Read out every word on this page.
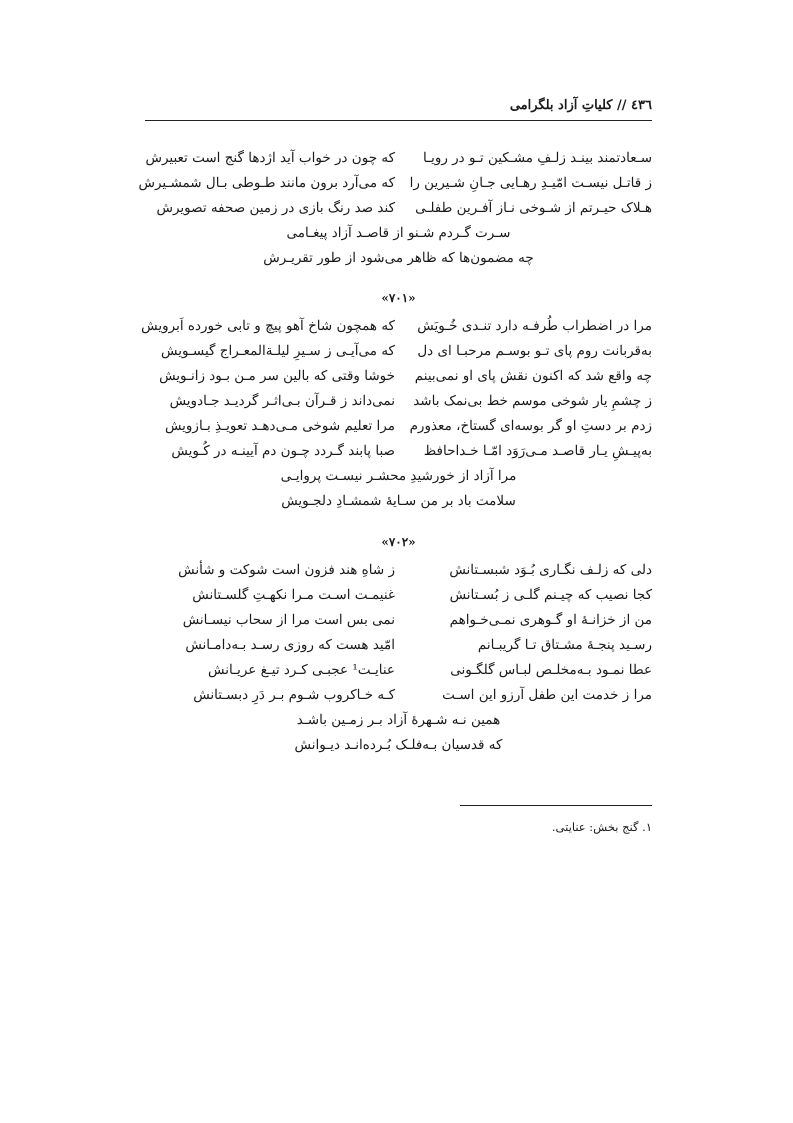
٤٣٦ // کلیاتِ آزاد بلگرامی
سـعادتمند بینـد زلـفِ مشـکین تـو در رویـا
که چون در خواب آید اژدها گنج است تعبیرش
ز قاتـل نیسـت امّیـدِ رهـایی جـانِ شـیرین را
که می‌آرد برون مانند طـوطی بـال شمشـیرش
هـلاک حیـرتم از شـوخی نـاز آفـرین طفلـی
کند صد رنگ بازی در زمین صحفه تصویرش
سـرت گـردم شـنو از قاصـد آزاد پیغـامی
چه مضمون‌ها که ظاهر می‌شود از طور تقریـرش
«۷۰۱»
مرا در اضطراب طُرفـه دارد تنـدی خُـویَش
که همچون شاخ آهو پیچ و تابی خورده اَبرویش
به‌قربانت روم پای تـو بوسـم مرحبـا ای دل
که می‌آیـی ز سـیرِ لیلـةالمعـراج گیسـویش
چه واقع شد که اکنون نقش پای او نمی‌بینم
خوشا وقتی که بالین سر مـن بـود زانـویش
ز چشمِ یار شوخی موسم خط بی‌نمک باشد
نمی‌داند ز قـرآن بـی‌اثـر گردیـد جـادویش
زدم بر دستِ او گر بوسه‌ای گستاخ، معذورم
مرا تعلیم شوخی مـی‌دهـد تعویـذِ بـازویش
به‌پیـشِ یـار قاصـد مـی‌رَوَد امّـا خـداحافظ
صبا پابند گـردد چـون دم آیینـه در کُـویش
مرا آزاد از خورشیدِ محشـر نیسـت پروایـی
سلامت باد بر من سـایهٔ شمشـادِ دلجـویش
«۷۰۲»
دلی که زلـف نگـاری بُـوَد شبسـتانش
ز شاهِ هند فزون است شوکت و شأنش
کجا نصیب که چیـنم گلـی ز بُسـتانش
غنیمـت اسـت مـرا نکهـتِ گلسـتانش
من از خزانـهٔ او گـوهری نمـی‌خـواهم
نمی بس است مرا از سحاب نیسـانش
رسـید پنجـهٔ مشـتاق تـا گریبـانم
امّید هست که روزی رسـد بـه‌دامـانش
عطا نمـود بـه‌مخلـص لبـاس گلگـونی
عنایـت¹ عجبـی کـرد تیـغ عریـانش
مرا ز خدمت این طفل آرزو این اسـت
کـه خـاکروب شـوم بـر دَرِ دبسـتانش
همین نـه شـهرهٔ آزاد بـر زمـین باشـد
که قدسیان بـه‌فلـک بُـرده‌انـد دیـوانش
۱. گنج بخش: عنایتی.
